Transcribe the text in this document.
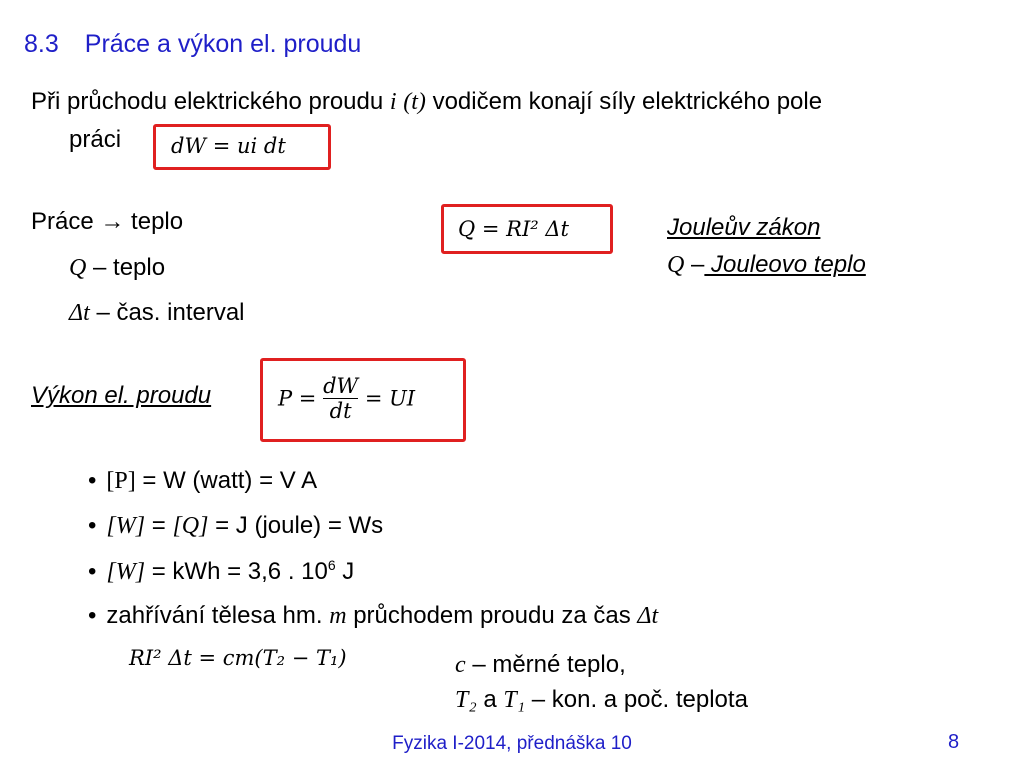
8.3 Práce a výkon el. proudu
Při průchodu elektrického proudu i (t) vodičem konají síly elektrického pole
práci dW = ui dt
Práce → teplo
Q – teplo
Δt – čas. interval
Q = RI² Δt	Jouleův zákon
Q – Jouleovo teplo
Výkon el. proudu	$P = \frac{dW}{dt}$ = UI
• [P] = W (watt) = V A
• [W] = [Q] = J (joule) = Ws
• [W] = kWh = 3,6 . $10^6$ J
• zahřívání tělesa hm. m průchodem proudu za čas Δt
RI² Δt = cm(T₂ − T₁)	c – měrné teplo,
T₂ a T₁ – kon. a poč. teplota
Fyzika I-2014, přednáška 10	8
